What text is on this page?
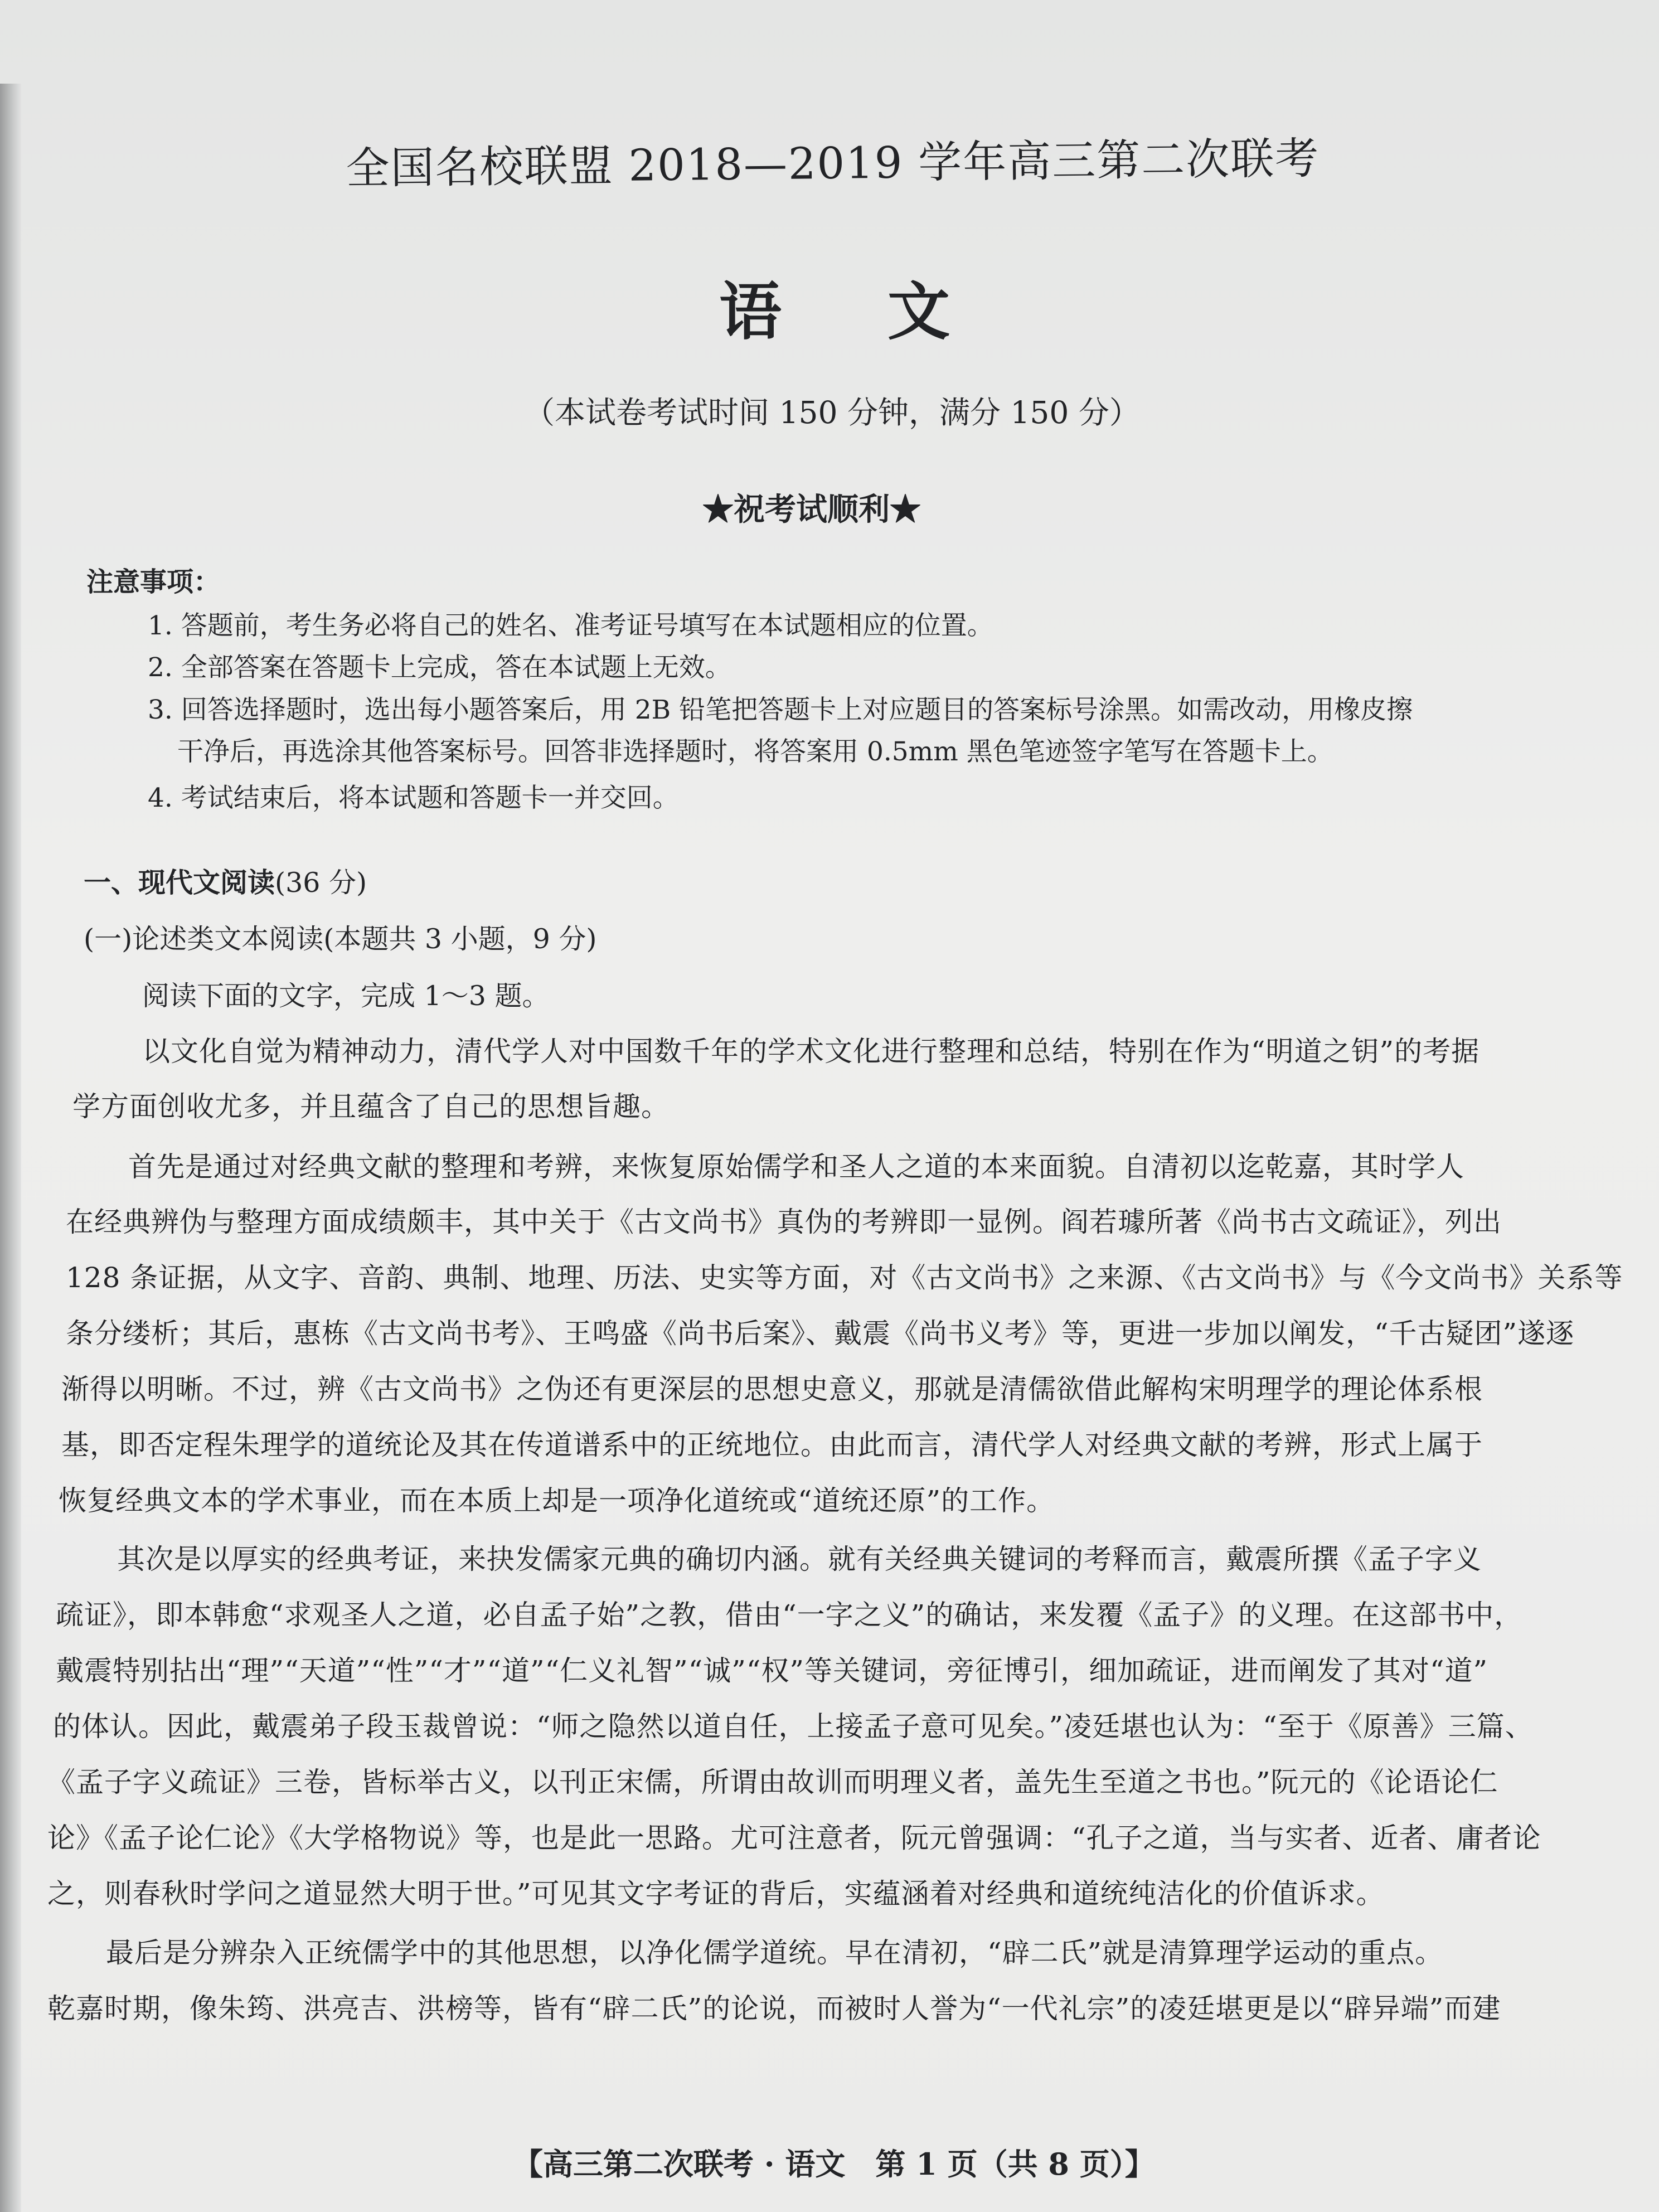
全国名校联盟 2018—2019 学年高三第二次联考
语文
（本试卷考试时间 150 分钟，满分 150 分）
★祝考试顺利★
注意事项：
1. 答题前，考生务必将自己的姓名、准考证号填写在本试题相应的位置。
2. 全部答案在答题卡上完成，答在本试题上无效。
3. 回答选择题时，选出每小题答案后，用 2B 铅笔把答题卡上对应题目的答案标号涂黑。如需改动，用橡皮擦
干净后，再选涂其他答案标号。回答非选择题时，将答案用 0.5mm 黑色笔迹签字笔写在答题卡上。
4. 考试结束后，将本试题和答题卡一并交回。
一、现代文阅读(36 分)
(一)论述类文本阅读(本题共 3 小题，9 分)
阅读下面的文字，完成 1～3 题。
以文化自觉为精神动力，清代学人对中国数千年的学术文化进行整理和总结，特别在作为“明道之钥”的考据
学方面创收尤多，并且蕴含了自己的思想旨趣。
首先是通过对经典文献的整理和考辨，来恢复原始儒学和圣人之道的本来面貌。自清初以迄乾嘉，其时学人
在经典辨伪与整理方面成绩颇丰，其中关于《古文尚书》真伪的考辨即一显例。阎若璩所著《尚书古文疏证》，列出
128 条证据，从文字、音韵、典制、地理、历法、史实等方面，对《古文尚书》之来源、《古文尚书》与《今文尚书》关系等
条分缕析；其后，惠栋《古文尚书考》、王鸣盛《尚书后案》、戴震《尚书义考》等，更进一步加以阐发，“千古疑团”遂逐
渐得以明晰。不过，辨《古文尚书》之伪还有更深层的思想史意义，那就是清儒欲借此解构宋明理学的理论体系根
基，即否定程朱理学的道统论及其在传道谱系中的正统地位。由此而言，清代学人对经典文献的考辨，形式上属于
恢复经典文本的学术事业，而在本质上却是一项净化道统或“道统还原”的工作。
其次是以厚实的经典考证，来抉发儒家元典的确切内涵。就有关经典关键词的考释而言，戴震所撰《孟子字义
疏证》，即本韩愈“求观圣人之道，必自孟子始”之教，借由“一字之义”的确诂，来发覆《孟子》的义理。在这部书中，
戴震特别拈出“理”“天道”“性”“才”“道”“仁义礼智”“诚”“权”等关键词，旁征博引，细加疏证，进而阐发了其对“道”
的体认。因此，戴震弟子段玉裁曾说：“师之隐然以道自任，上接孟子意可见矣。”凌廷堪也认为：“至于《原善》三篇、
《孟子字义疏证》三卷，皆标举古义，以刊正宋儒，所谓由故训而明理义者，盖先生至道之书也。”阮元的《论语论仁
论》《孟子论仁论》《大学格物说》等，也是此一思路。尤可注意者，阮元曾强调：“孔子之道，当与实者、近者、庸者论
之，则春秋时学问之道显然大明于世。”可见其文字考证的背后，实蕴涵着对经典和道统纯洁化的价值诉求。
最后是分辨杂入正统儒学中的其他思想，以净化儒学道统。早在清初，“辟二氏”就是清算理学运动的重点。
乾嘉时期，像朱筠、洪亮吉、洪榜等，皆有“辟二氏”的论说，而被时人誉为“一代礼宗”的凌廷堪更是以“辟异端”而建
【高三第二次联考 · 语文　第 1 页（共 8 页）】
